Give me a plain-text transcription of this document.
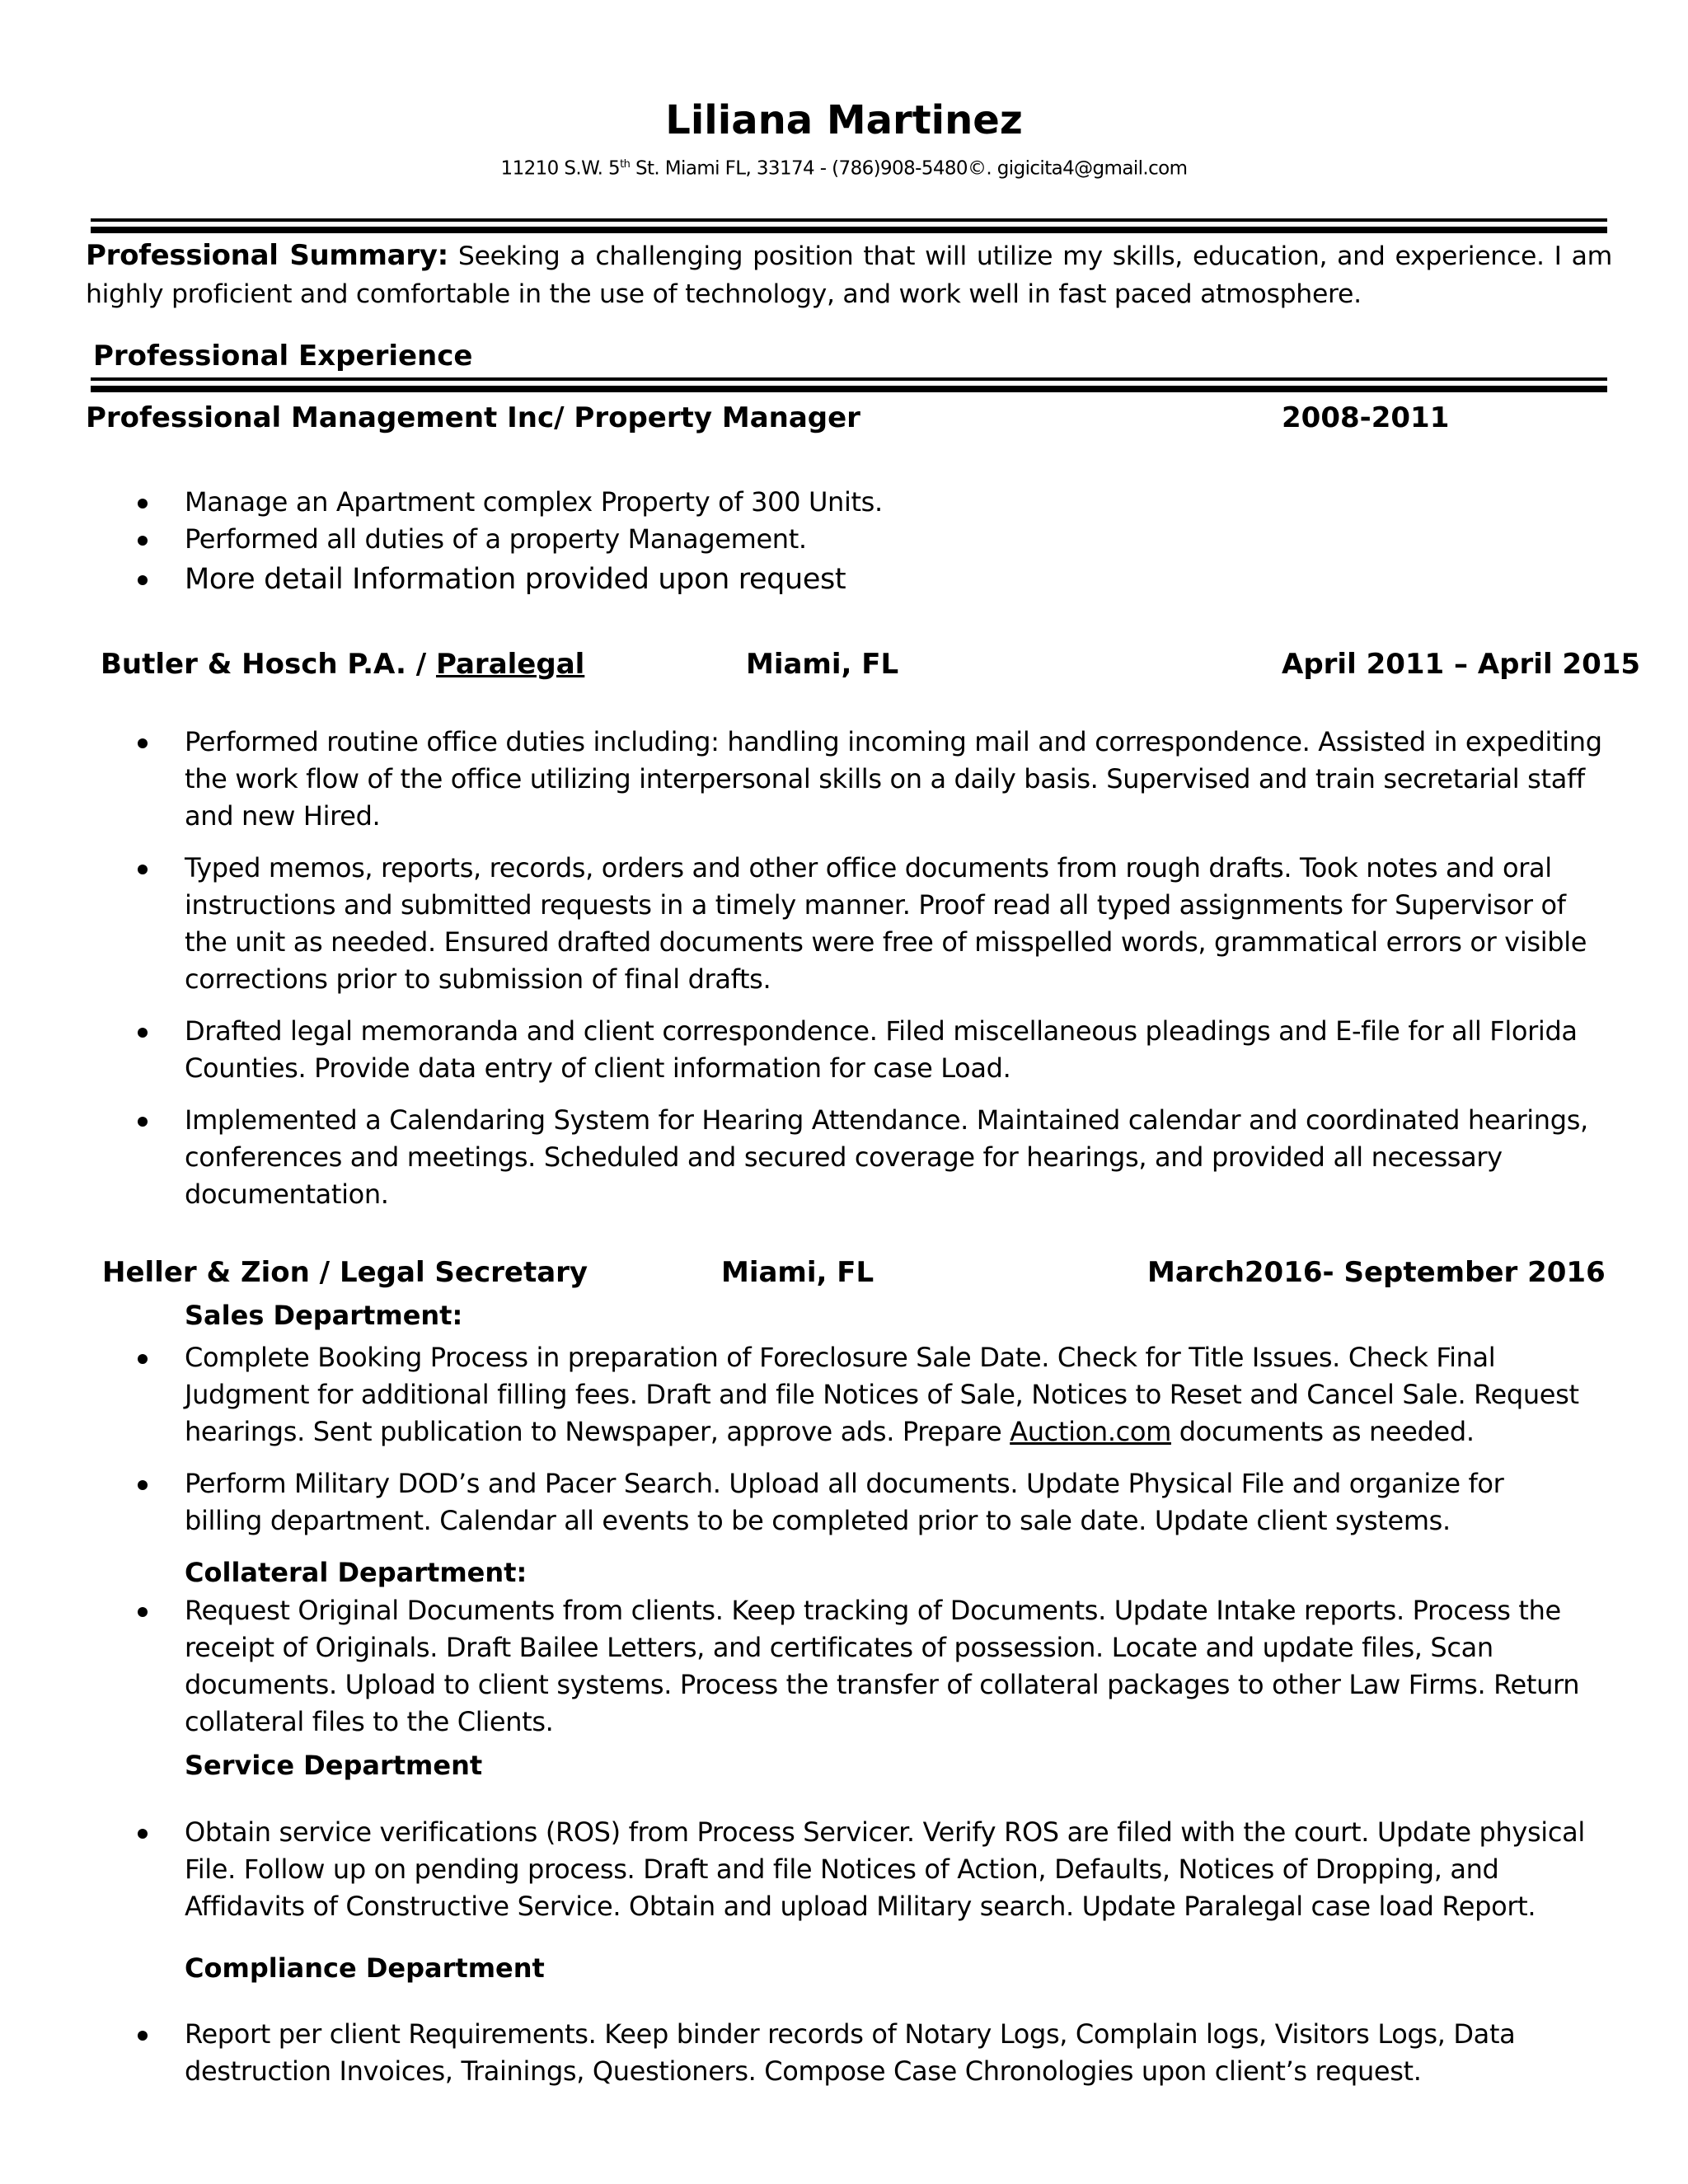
Liliana Martinez
11210 S.W. 5th St. Miami FL, 33174 - (786)908-5480©. gigicita4@gmail.com
Professional Summary: Seeking a challenging position that will utilize my skills, education, and experience. I am highly proficient and comfortable in the use of technology, and work well in fast paced atmosphere.
Professional Experience
Professional Management Inc/ Property Manager	2008-2011
Manage an Apartment complex Property of 300 Units.
Performed all duties of a property Management.
More detail Information provided upon request
Butler & Hosch P.A. / Paralegal	Miami, FL	April 2011 – April 2015
Performed routine office duties including: handling incoming mail and correspondence. Assisted in expediting the work flow of the office utilizing interpersonal skills on a daily basis. Supervised and train secretarial staff and new Hired.
Typed memos, reports, records, orders and other office documents from rough drafts. Took notes and oral instructions and submitted requests in a timely manner. Proof read all typed assignments for Supervisor of the unit as needed. Ensured drafted documents were free of misspelled words, grammatical errors or visible corrections prior to submission of final drafts.
Drafted legal memoranda and client correspondence. Filed miscellaneous pleadings and E-file for all Florida Counties. Provide data entry of client information for case Load.
Implemented a Calendaring System for Hearing Attendance. Maintained calendar and coordinated hearings, conferences and meetings. Scheduled and secured coverage for hearings, and provided all necessary documentation.
Heller & Zion / Legal Secretary	Miami, FL	March2016- September 2016
Sales Department:
Complete Booking Process in preparation of Foreclosure Sale Date. Check for Title Issues. Check Final Judgment for additional filling fees. Draft and file Notices of Sale, Notices to Reset and Cancel Sale. Request hearings. Sent publication to Newspaper, approve ads. Prepare Auction.com documents as needed.
Perform Military DOD’s and Pacer Search. Upload all documents. Update Physical File and organize for billing department. Calendar all events to be completed prior to sale date. Update client systems.
Collateral Department:
Request Original Documents from clients. Keep tracking of Documents. Update Intake reports. Process the receipt of Originals. Draft Bailee Letters, and certificates of possession. Locate and update files, Scan documents. Upload to client systems. Process the transfer of collateral packages to other Law Firms. Return collateral files to the Clients.
Service Department
Obtain service verifications (ROS) from Process Servicer. Verify ROS are filed with the court. Update physical File. Follow up on pending process. Draft and file Notices of Action, Defaults, Notices of Dropping, and Affidavits of Constructive Service. Obtain and upload Military search. Update Paralegal case load Report.
Compliance Department
Report per client Requirements. Keep binder records of Notary Logs, Complain logs, Visitors Logs, Data destruction Invoices, Trainings, Questioners. Compose Case Chronologies upon client’s request.
